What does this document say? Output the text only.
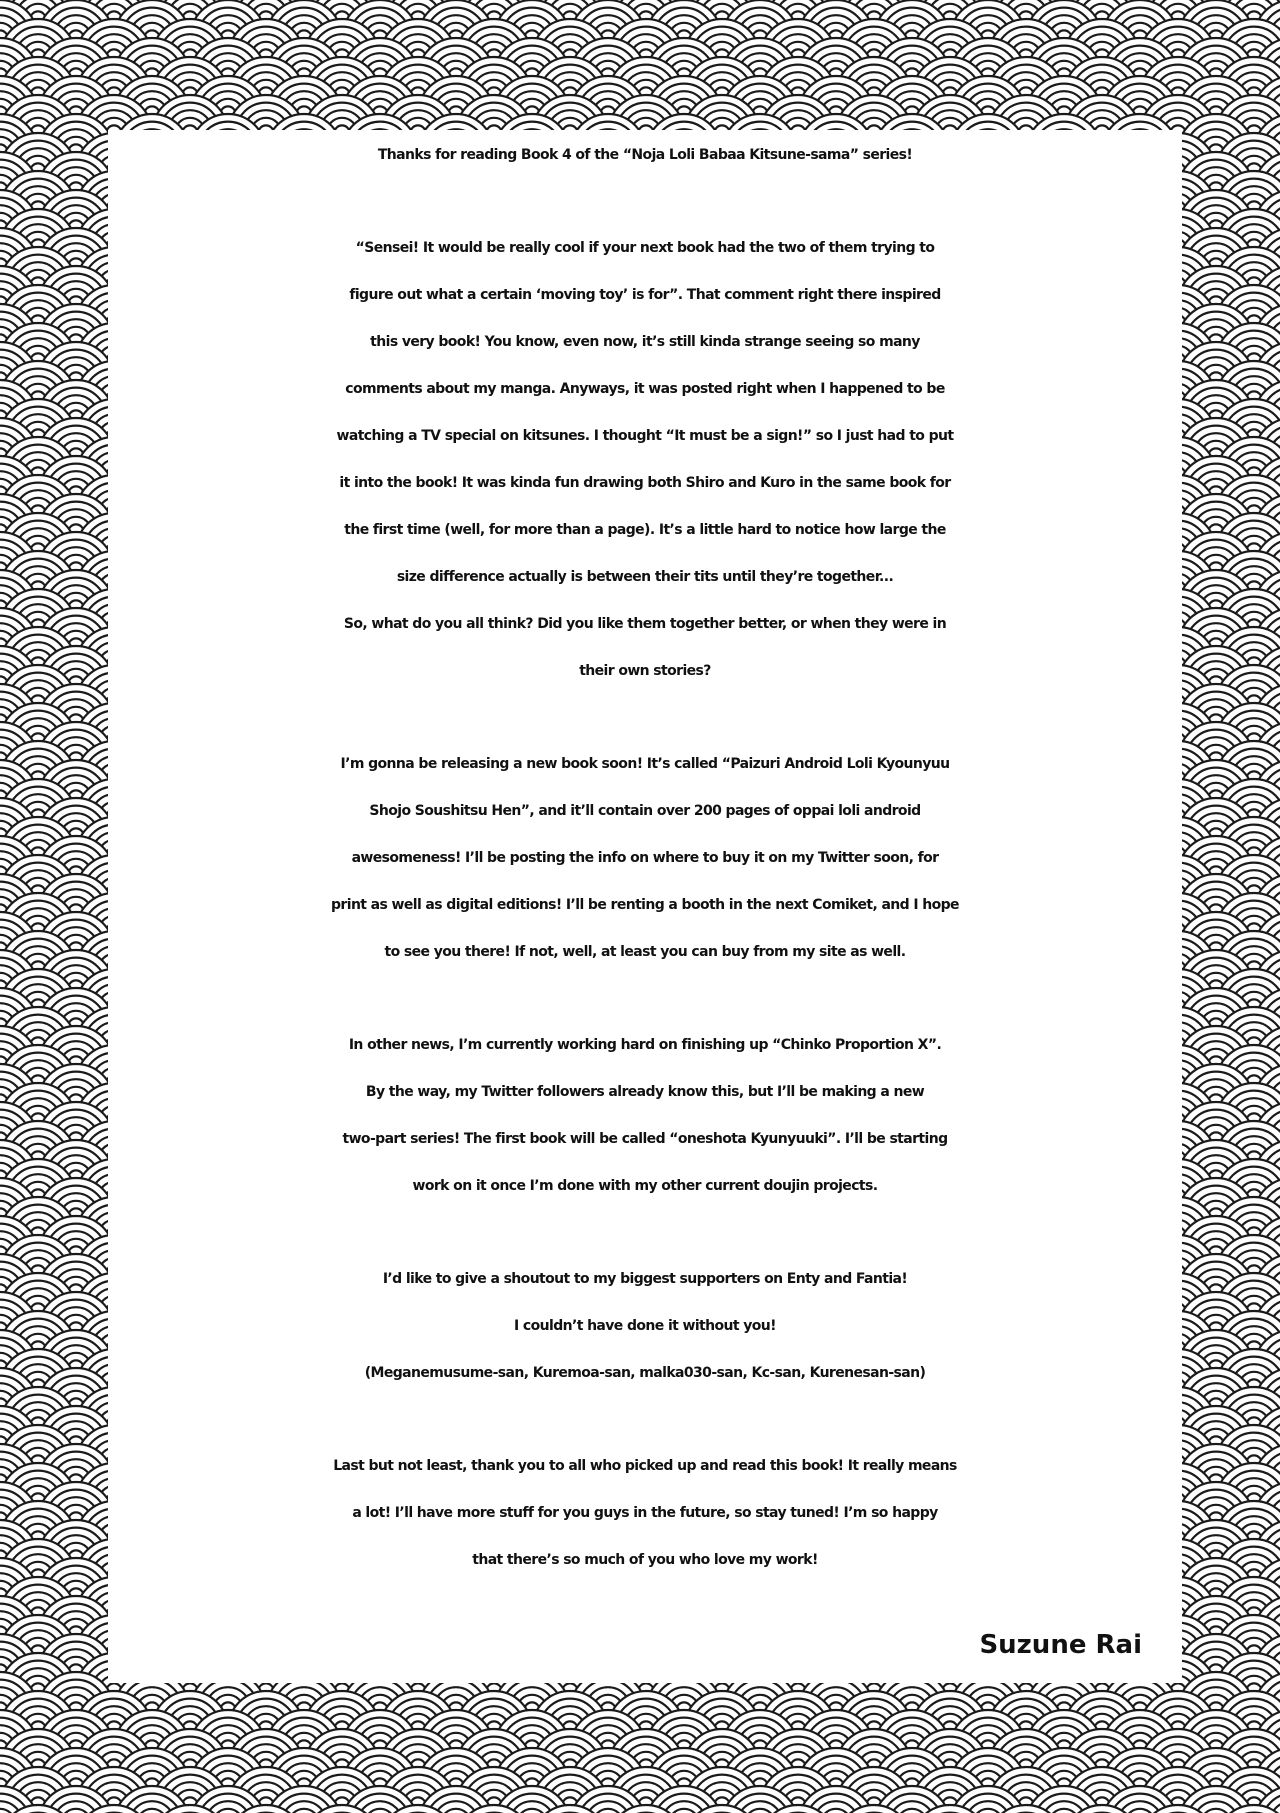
Thanks for reading Book 4 of the “Noja Loli Babaa Kitsune-sama” series!
“Sensei! It would be really cool if your next book had the two of them trying to
figure out what a certain ‘moving toy’ is for”. That comment right there inspired
this very book! You know, even now, it’s still kinda strange seeing so many
comments about my manga. Anyways, it was posted right when I happened to be
watching a TV special on kitsunes. I thought “It must be a sign!” so I just had to put
it into the book! It was kinda fun drawing both Shiro and Kuro in the same book for
the first time (well, for more than a page). It’s a little hard to notice how large the
size difference actually is between their tits until they’re together...
So, what do you all think? Did you like them together better, or when they were in
their own stories?
I’m gonna be releasing a new book soon! It’s called “Paizuri Android Loli Kyounyuu
Shojo Soushitsu Hen”, and it’ll contain over 200 pages of oppai loli android
awesomeness! I’ll be posting the info on where to buy it on my Twitter soon, for
print as well as digital editions! I’ll be renting a booth in the next Comiket, and I hope
to see you there! If not, well, at least you can buy from my site as well.
In other news, I’m currently working hard on finishing up “Chinko Proportion X”.
By the way, my Twitter followers already know this, but I’ll be making a new
two-part series! The first book will be called “oneshota Kyunyuuki”. I’ll be starting
work on it once I’m done with my other current doujin projects.
I’d like to give a shoutout to my biggest supporters on Enty and Fantia!
I couldn’t have done it without you!
(Meganemusume-san, Kuremoa-san, malka030-san, Kc-san, Kurenesan-san)
Last but not least, thank you to all who picked up and read this book! It really means
a lot! I’ll have more stuff for you guys in the future, so stay tuned! I’m so happy
that there’s so much of you who love my work!
Suzune Rai
